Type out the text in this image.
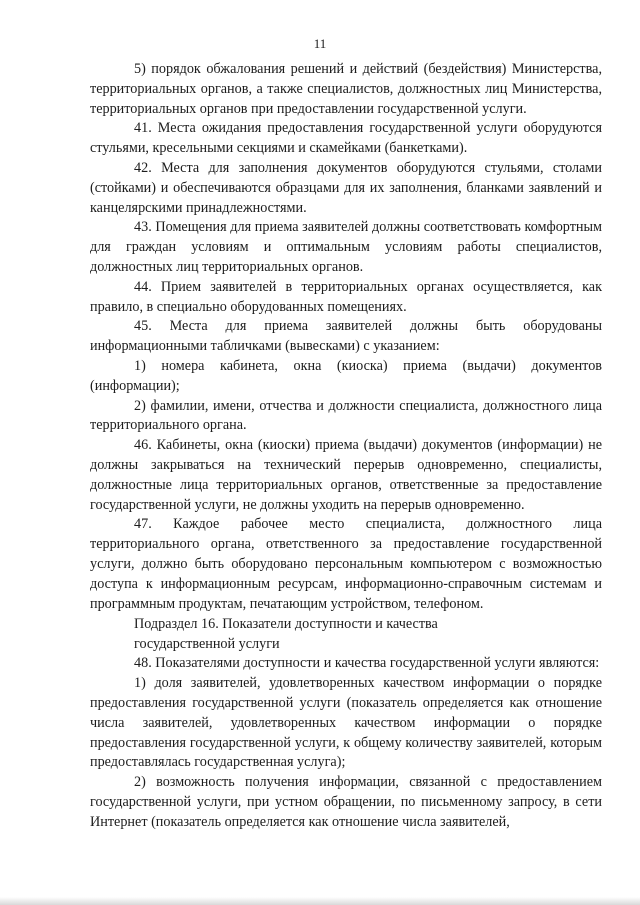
11

5) порядок обжалования решений и действий (бездействия) Министерства, территориальных органов, а также специалистов, должностных лиц Министерства, территориальных органов при предоставлении государственной услуги.

41. Места ожидания предоставления государственной услуги оборудуются стульями, кресельными секциями и скамейками (банкетками).

42. Места для заполнения документов оборудуются стульями, столами (стойками) и обеспечиваются образцами для их заполнения, бланками заявлений и канцелярскими принадлежностями.

43. Помещения для приема заявителей должны соответствовать комфортным для граждан условиям и оптимальным условиям работы специалистов, должностных лиц территориальных органов.

44. Прием заявителей в территориальных органах осуществляется, как правило, в специально оборудованных помещениях.

45. Места для приема заявителей должны быть оборудованы информационными табличками (вывесками) с указанием:

1) номера кабинета, окна (киоска) приема (выдачи) документов (информации);

2) фамилии, имени, отчества и должности специалиста, должностного лица территориального органа.

46. Кабинеты, окна (киоски) приема (выдачи) документов (информации) не должны закрываться на технический перерыв одновременно, специалисты, должностные лица территориальных органов, ответственные за предоставление государственной услуги, не должны уходить на перерыв одновременно.

47. Каждое рабочее место специалиста, должностного лица территориального органа, ответственного за предоставление государственной услуги, должно быть оборудовано персональным компьютером с возможностью доступа к информационным ресурсам, информационно-справочным системам и программным продуктам, печатающим устройством, телефоном.

Подраздел 16. Показатели доступности и качества
государственной услуги

48. Показателями доступности и качества государственной услуги являются:

1) доля заявителей, удовлетворенных качеством информации о порядке предоставления государственной услуги (показатель определяется как отношение числа заявителей, удовлетворенных качеством информации о порядке предоставления государственной услуги, к общему количеству заявителей, которым предоставлялась государственная услуга);

2) возможность получения информации, связанной с предоставлением государственной услуги, при устном обращении, по письменному запросу, в сети Интернет (показатель определяется как отношение числа заявителей,
